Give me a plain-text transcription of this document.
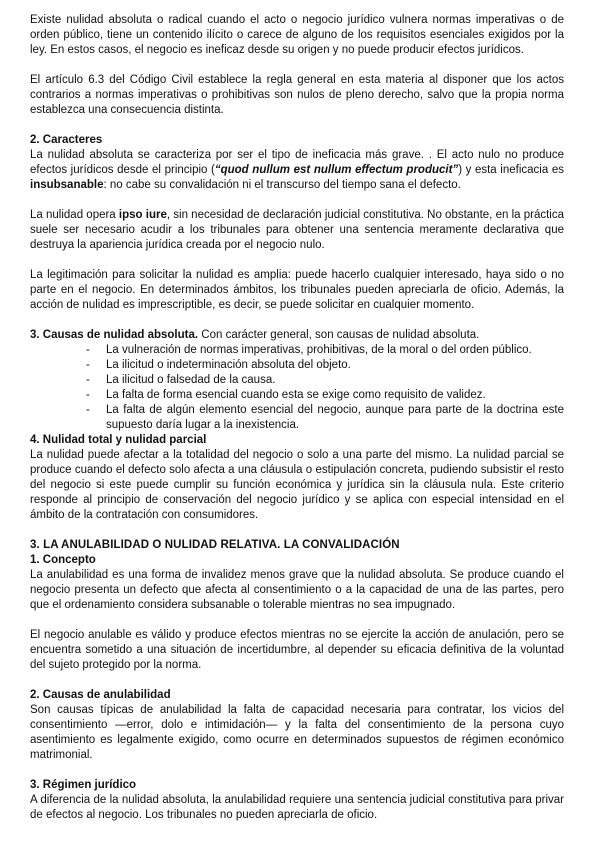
Existe nulidad absoluta o radical cuando el acto o negocio jurídico vulnera normas imperativas o de orden público, tiene un contenido ilícito o carece de alguno de los requisitos esenciales exigidos por la ley. En estos casos, el negocio es ineficaz desde su origen y no puede producir efectos jurídicos.

El artículo 6.3 del Código Civil establece la regla general en esta materia al disponer que los actos contrarios a normas imperativas o prohibitivas son nulos de pleno derecho, salvo que la propia norma establezca una consecuencia distinta.

2. Caracteres

La nulidad absoluta se caracteriza por ser el tipo de ineficacia más grave. . El acto nulo no produce efectos jurídicos desde el principio (“quod nullum est nullum effectum producit”) y esta ineficacia es insubsanable: no cabe su convalidación ni el transcurso del tiempo sana el defecto.

La nulidad opera ipso iure, sin necesidad de declaración judicial constitutiva. No obstante, en la práctica suele ser necesario acudir a los tribunales para obtener una sentencia meramente declarativa que destruya la apariencia jurídica creada por el negocio nulo.

La legitimación para solicitar la nulidad es amplia: puede hacerlo cualquier interesado, haya sido o no parte en el negocio. En determinados ámbitos, los tribunales pueden apreciarla de oficio. Además, la acción de nulidad es imprescriptible, es decir, se puede solicitar en cualquier momento.

3. Causas de nulidad absoluta. Con carácter general, son causas de nulidad absoluta.

- La vulneración de normas imperativas, prohibitivas, de la moral o del orden público.
- La ilicitud o indeterminación absoluta del objeto.
- La ilicitud o falsedad de la causa.
- La falta de forma esencial cuando esta se exige como requisito de validez.
- La falta de algún elemento esencial del negocio, aunque para parte de la doctrina este supuesto daría lugar a la inexistencia.

4. Nulidad total y nulidad parcial

La nulidad puede afectar a la totalidad del negocio o solo a una parte del mismo. La nulidad parcial se produce cuando el defecto solo afecta a una cláusula o estipulación concreta, pudiendo subsistir el resto del negocio si este puede cumplir su función económica y jurídica sin la cláusula nula. Este criterio responde al principio de conservación del negocio jurídico y se aplica con especial intensidad en el ámbito de la contratación con consumidores.

3. LA ANULABILIDAD O NULIDAD RELATIVA. LA CONVALIDACIÓN

1. Concepto

La anulabilidad es una forma de invalidez menos grave que la nulidad absoluta. Se produce cuando el negocio presenta un defecto que afecta al consentimiento o a la capacidad de una de las partes, pero que el ordenamiento considera subsanable o tolerable mientras no sea impugnado.

El negocio anulable es válido y produce efectos mientras no se ejercite la acción de anulación, pero se encuentra sometido a una situación de incertidumbre, al depender su eficacia definitiva de la voluntad del sujeto protegido por la norma.

2. Causas de anulabilidad

Son causas típicas de anulabilidad la falta de capacidad necesaria para contratar, los vicios del consentimiento —error, dolo e intimidación— y la falta del consentimiento de la persona cuyo asentimiento es legalmente exigido, como ocurre en determinados supuestos de régimen económico matrimonial.

3. Régimen jurídico

A diferencia de la nulidad absoluta, la anulabilidad requiere una sentencia judicial constitutiva para privar de efectos al negocio. Los tribunales no pueden apreciarla de oficio.
